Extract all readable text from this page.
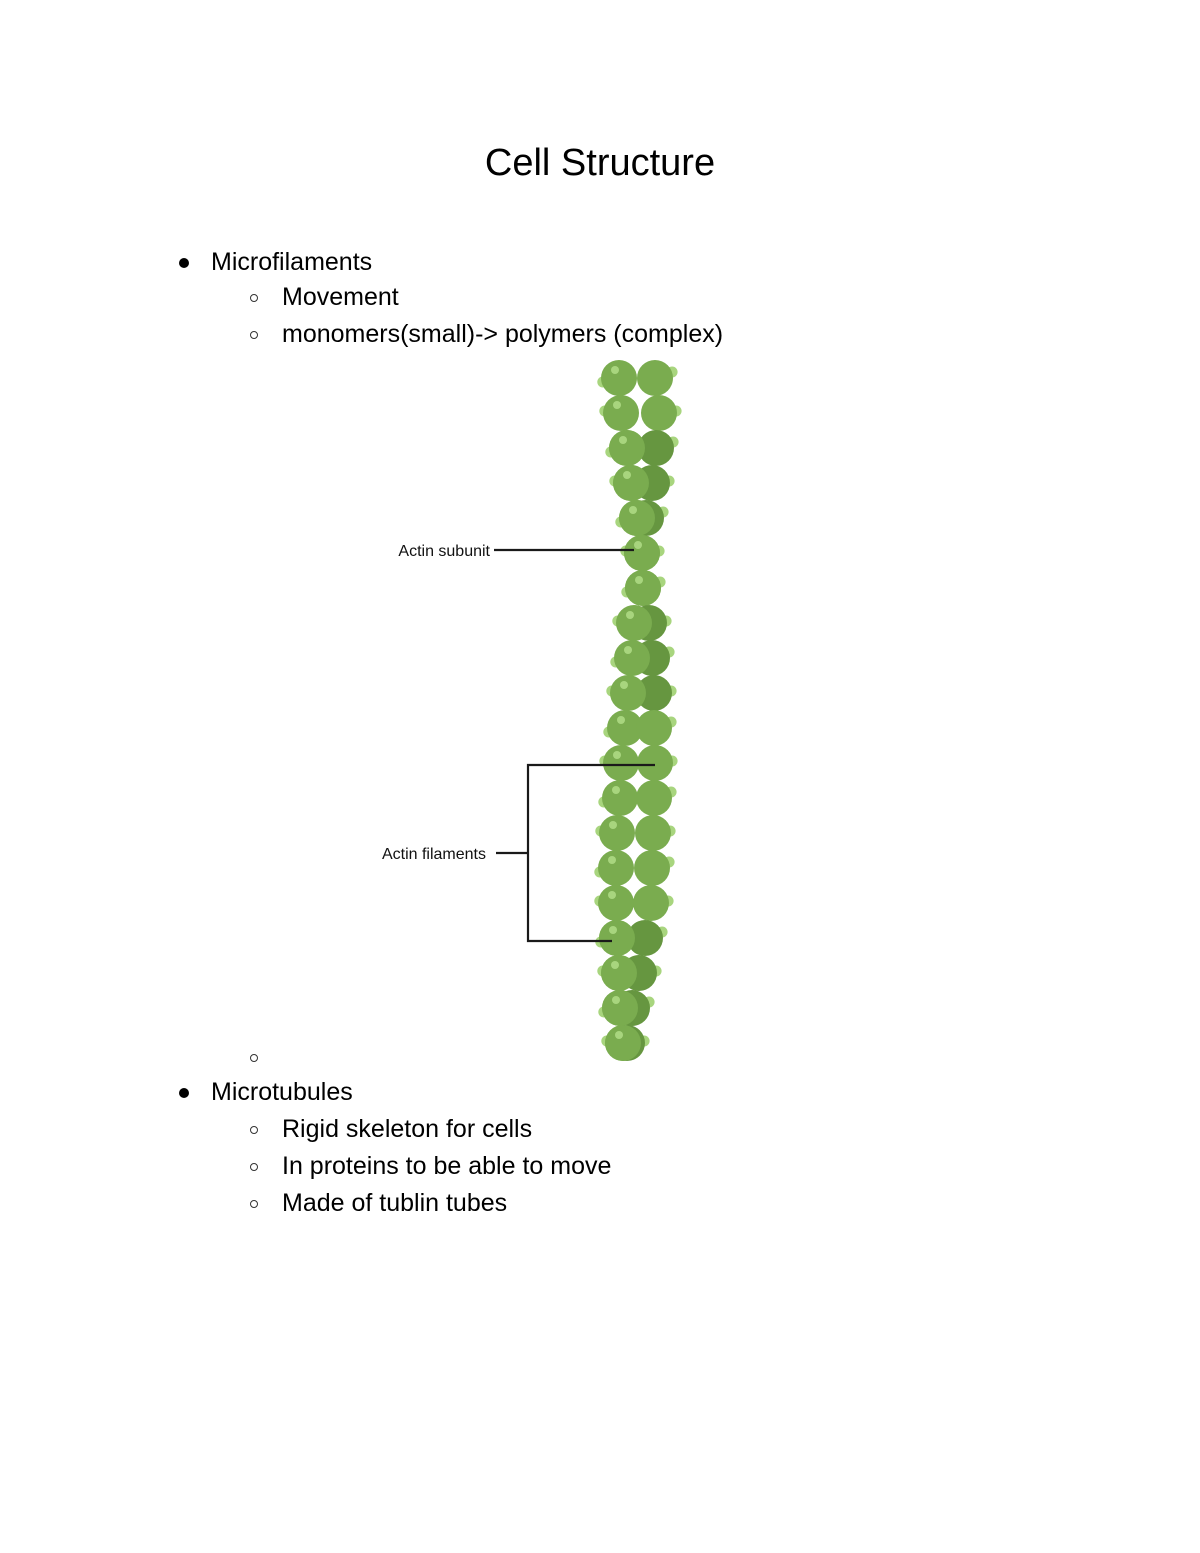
Cell Structure
Microfilaments
Movement
monomers(small)-> polymers (complex)
Actin subunit
Actin filaments
Microtubules
Rigid skeleton for cells
In proteins to be able to move
Made of tublin tubes
